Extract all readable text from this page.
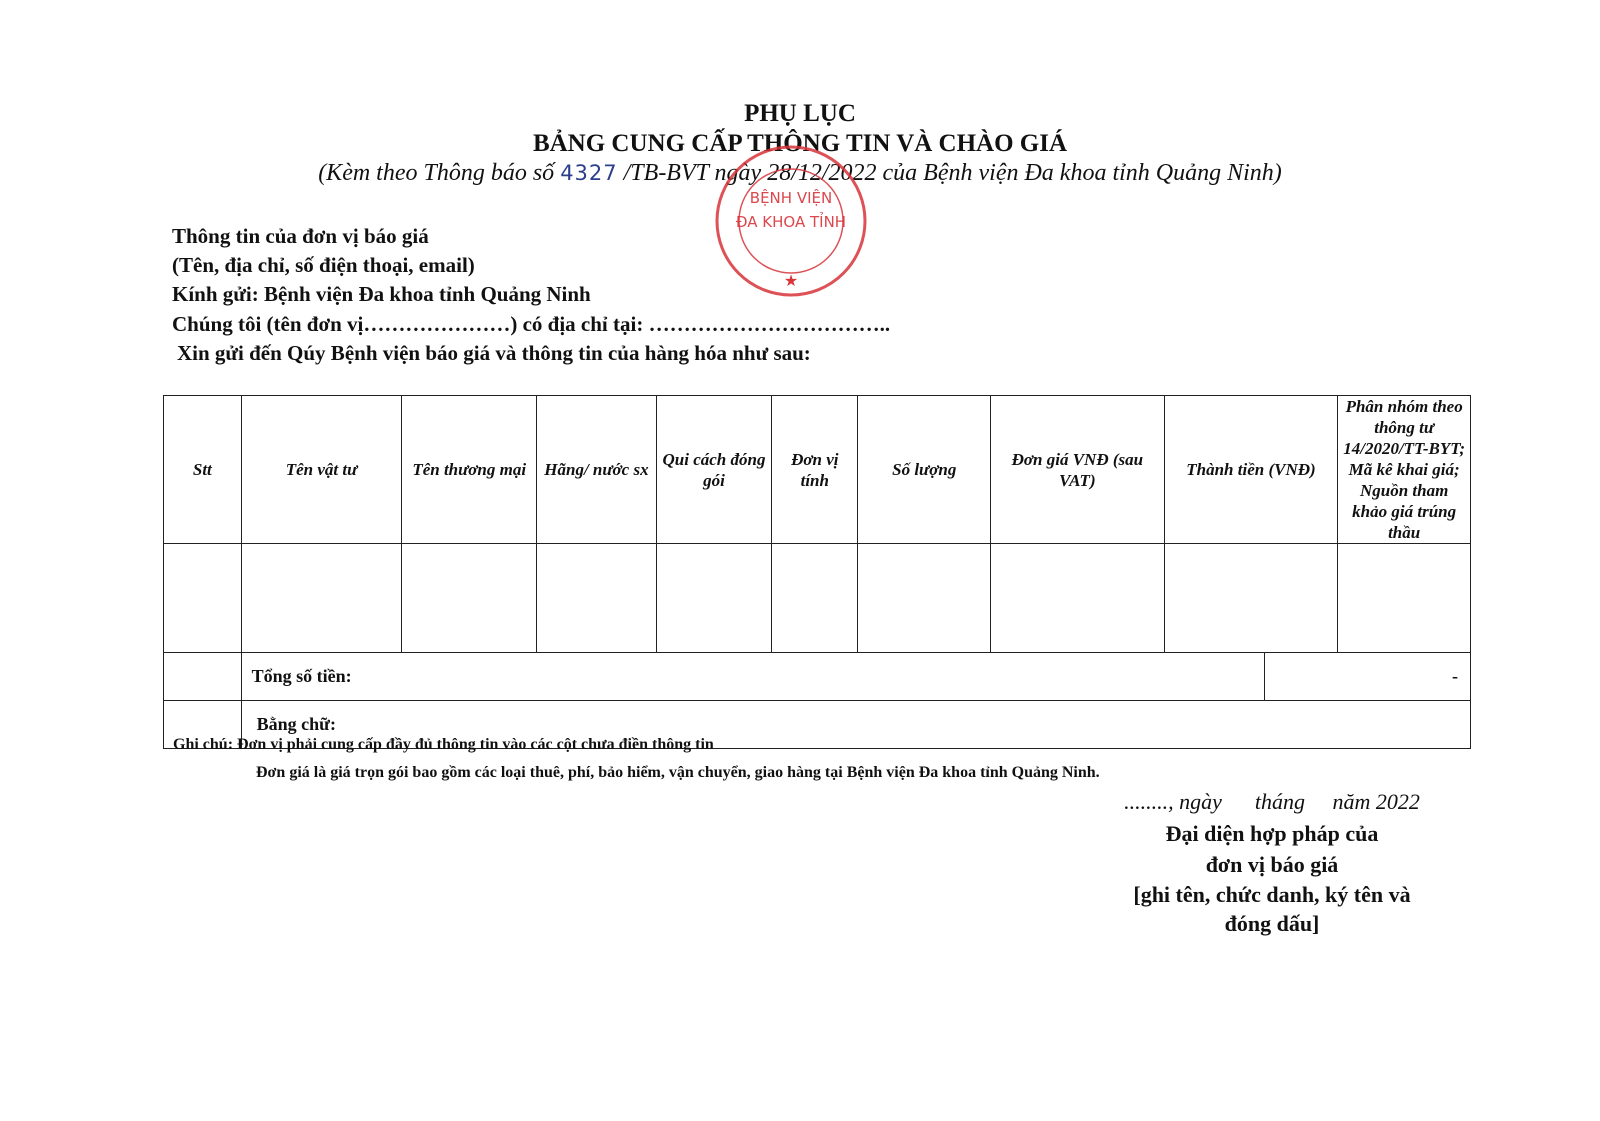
PHỤ LỤC
BẢNG CUNG CẤP THÔNG TIN VÀ CHÀO GIÁ
(Kèm theo Thông báo số 4327 /TB-BVT ngày 28/12/2022 của Bệnh viện Đa khoa tỉnh Quảng Ninh)
BỆNH VIỆN
ĐA KHOA TỈNH
★
Thông tin của đơn vị báo giá
(Tên, địa chỉ, số điện thoại, email)
Kính gửi: Bệnh viện Đa khoa tỉnh Quảng Ninh
Chúng tôi (tên đơn vị…………………) có địa chỉ tại: ……………………………..
Xin gửi đến Qúy Bệnh viện báo giá và thông tin của hàng hóa như sau:
Stt	Tên vật tư	Tên thương mại	Hãng/ nước sx	Qui cách đóng gói	Đơn vị tính	Số lượng	Đơn giá VNĐ (sau VAT)	Thành tiền (VNĐ)		Phân nhóm theo thông tư 14/2020/TT-BYT; Mã kê khai giá; Nguồn tham khảo giá trúng thầu

	Tổng số tiền:								-	
	Bằng chữ:									
Ghi chú: Đơn vị phải cung cấp đầy đủ thông tin vào các cột chưa điền thông tin
Đơn giá là giá trọn gói bao gồm các loại thuê, phí, bảo hiểm, vận chuyển, giao hàng tại Bệnh viện Đa khoa tỉnh Quảng Ninh.
........, ngày      tháng     năm 2022
Đại diện hợp pháp của
đơn vị báo giá
[ghi tên, chức danh, ký tên và
đóng dấu]
